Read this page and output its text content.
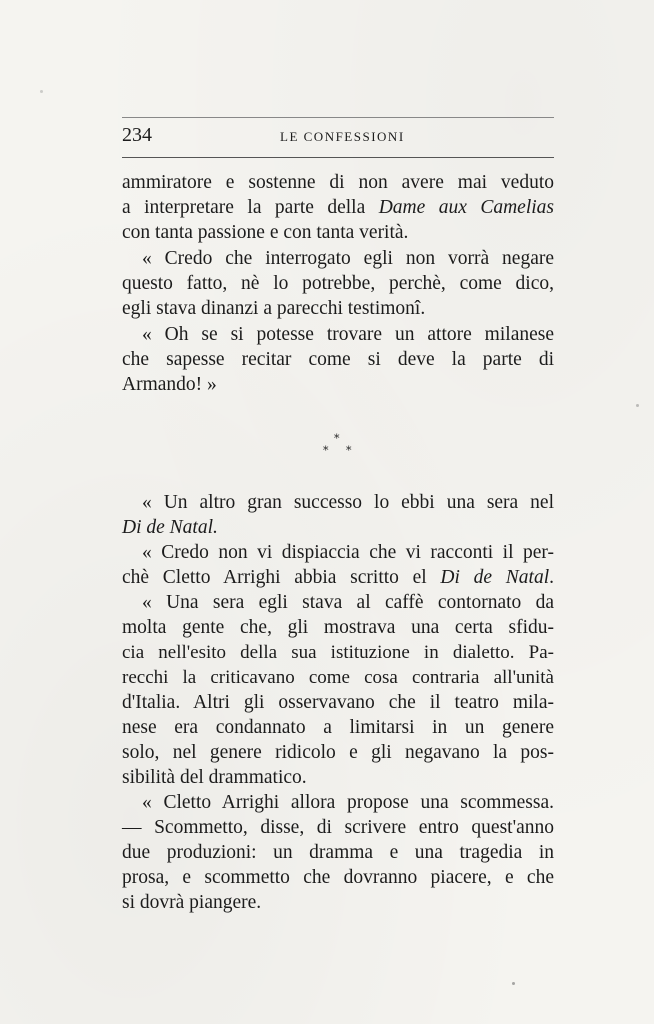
234	LE CONFESSIONI
ammiratore e sostenne di non avere mai veduto
a interpretare la parte della Dame aux Camelias
con tanta passione e con tanta verità.
« Credo che interrogato egli non vorrà negare
questo fatto, nè lo potrebbe, perchè, come dico,
egli stava dinanzi a parecchi testimonî.
« Oh se si potesse trovare un attore milanese
che sapesse recitar come si deve la parte di
Armando! »
*
* *
« Un altro gran successo lo ebbi una sera nel
Di de Natal.
« Credo non vi dispiaccia che vi racconti il per-
chè Cletto Arrighi abbia scritto el Di de Natal.
« Una sera egli stava al caffè contornato da
molta gente che, gli mostrava una certa sfidu-
cia nell'esito della sua istituzione in dialetto. Pa-
recchi la criticavano come cosa contraria all'unità
d'Italia. Altri gli osservavano che il teatro mila-
nese era condannato a limitarsi in un genere
solo, nel genere ridicolo e gli negavano la pos-
sibilità del drammatico.
« Cletto Arrighi allora propose una scommessa.
— Scommetto, disse, di scrivere entro quest'anno
due produzioni: un dramma e una tragedia in
prosa, e scommetto che dovranno piacere, e che
si dovrà piangere.
